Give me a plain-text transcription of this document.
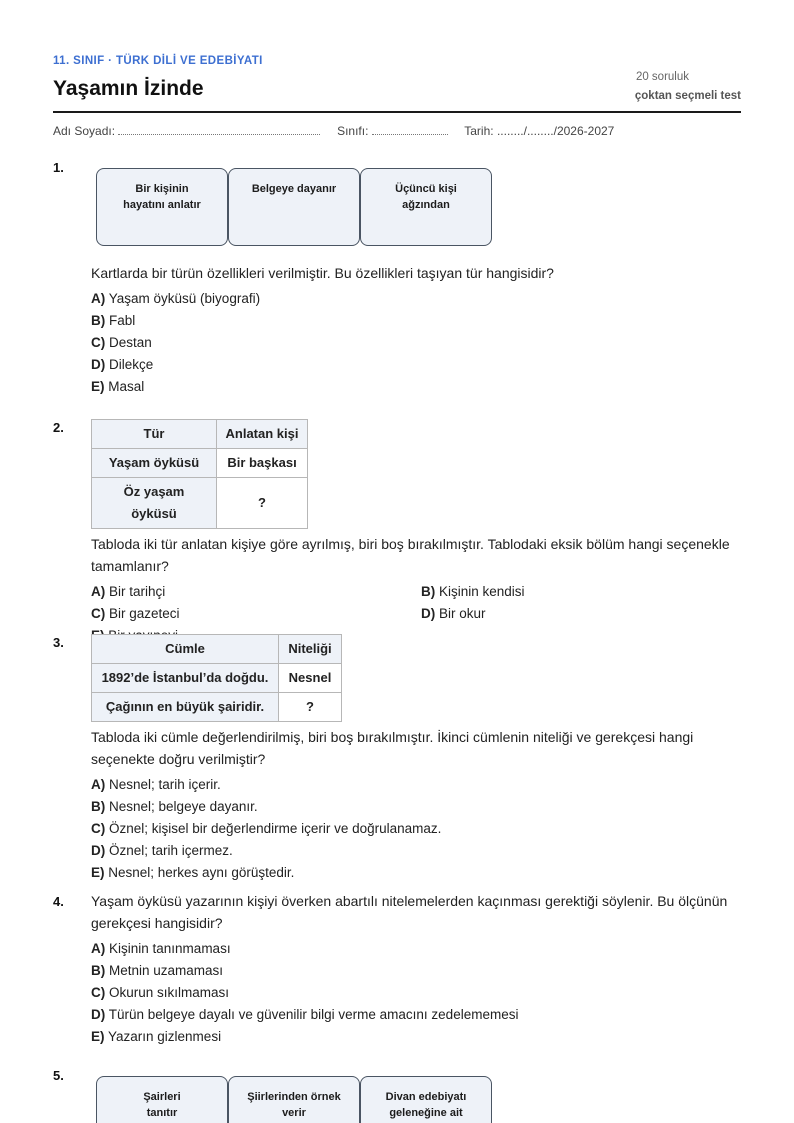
11. SINIF · TÜRK DİLİ VE EDEBİYATI
Yaşamın İzinde	20 soruluk
çoktan seçmeli test
Adı Soyadı:	Sınıfı:	Tarih: ......../......../2026-2027
1.
Bir kişinin hayatını anlatır
Belgeye dayanır	Üçüncü kişi ağzından

Kartlarda bir türün özellikleri verilmiştir. Bu özellikleri taşıyan tür hangisidir?

A) Yaşam öyküsü (biyografi)
B) Fabl
C) Destan
D) Dilekçe
E) Masal
2.	Tür	Anlatan kişi
Yaşam öyküsü	Bir başkası
Öz yaşam öyküsü	?

Tabloda iki tür anlatan kişiye göre ayrılmış, biri boş bırakılmıştır. Tablodaki eksik bölüm hangi seçenekle tamamlanır?

A) Bir tarihçi	B) Kişinin kendisi
C) Bir gazeteci	D) Bir okur
3.	Cümle	Niteliği
1892’de İstanbul’da doğdu.	Nesnel
Çağının en büyük şairidir.	?

Tabloda iki cümle değerlendirilmiş, biri boş bırakılmıştır. İkinci cümlenin niteliği ve gerekçesi hangi seçenekte doğru verilmiştir?

A) Nesnel; tarih içerir.
B) Nesnel; belgeye dayanır.
C) Öznel; kişisel bir değerlendirme içerir ve doğrulanamaz.
D) Öznel; tarih içermez.
E) Nesnel; herkes aynı görüştedir.
4. Yaşam öyküsü yazarının kişiyi överken abartılı nitelemelerden kaçınması gerektiği söylenir. Bu ölçünün gerekçesi hangisidir?

A) Kişinin tanınmaması
B) Metnin uzamaması
C) Okurun sıkılmaması
D) Türün belgeye dayalı ve güvenilir bilgi verme amacını zedelememesi
E) Yazarın gizlenmesi
5.
Şairleri tanıtır
Şiirlerinden örnek verir
Divan edebiyatı geleneğine ait
